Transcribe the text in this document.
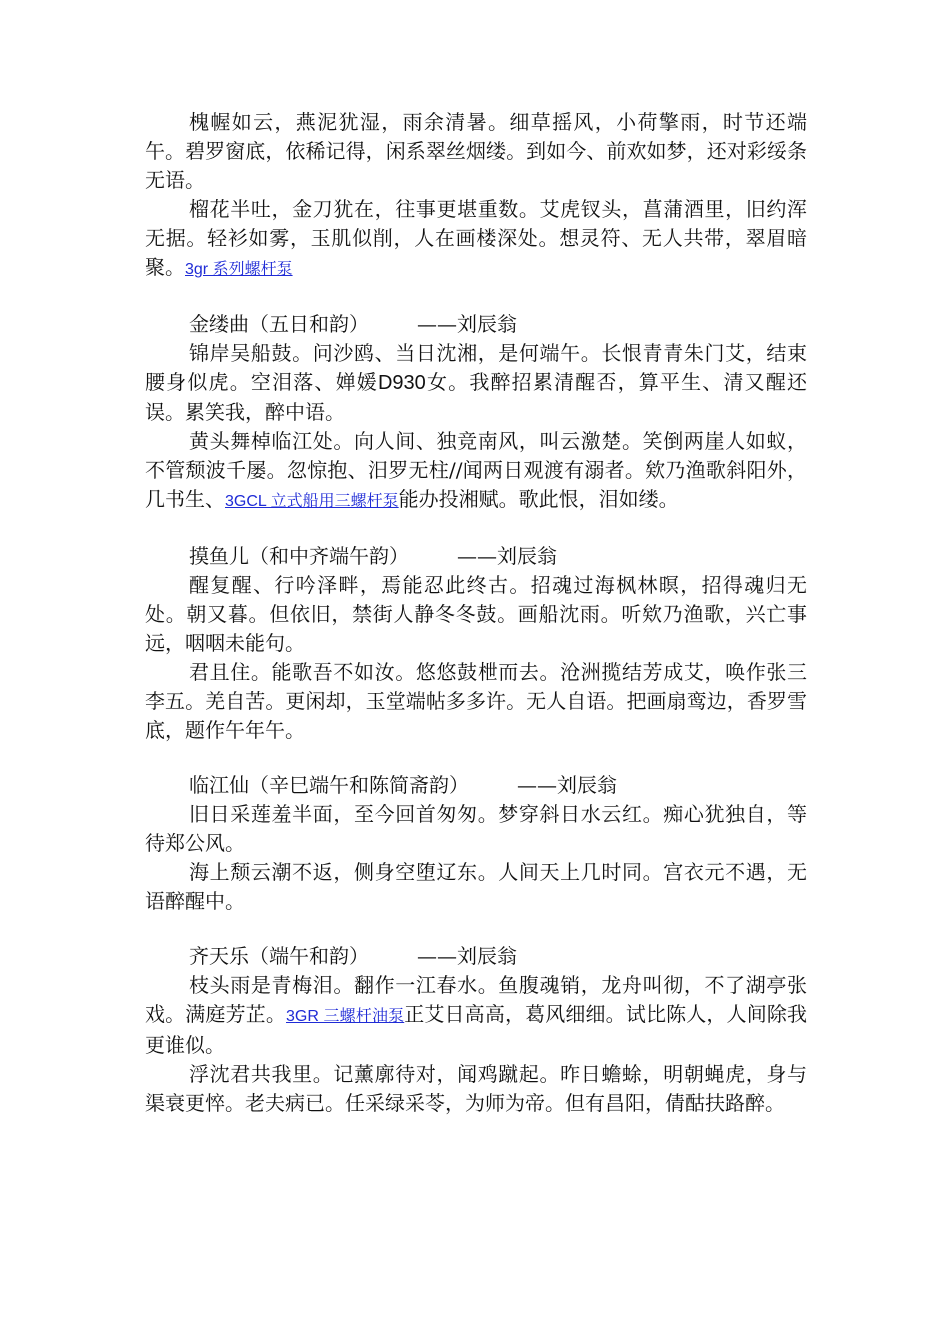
槐幄如云，燕泥犹湿，雨余清暑。细草摇风，小荷擎雨，时节还端午。碧罗窗底，依稀记得，闲系翠丝烟缕。到如今、前欢如梦，还对彩绥条无语。

榴花半吐，金刀犹在，往事更堪重数。艾虎钗头，菖蒲酒里，旧约浑无据。轻衫如雾，玉肌似削，人在画楼深处。想灵符、无人共带，翠眉暗聚。3gr 系列螺杆泵

金缕曲（五日和韵） ——刘辰翁

锦岸吴船鼓。问沙鸥、当日沈湘，是何端午。长恨青青朱门艾，结束腰身似虎。空泪落、婵媛D930女。我醉招累清醒否，算平生、清又醒还误。累笑我，醉中语。

黄头舞棹临江处。向人间、独竞南风，叫云激楚。笑倒两崖人如蚁，不管颓波千屡。忽惊抱、汨罗无柱//闻两日观渡有溺者。欸乃渔歌斜阳外，几书生、3GCL 立式船用三螺杆泵能办投湘赋。歌此恨，泪如缕。

摸鱼儿（和中齐端午韵） ——刘辰翁

醒复醒、行吟泽畔，焉能忍此终古。招魂过海枫林暝，招得魂归无处。朝又暮。但依旧，禁街人静冬冬鼓。画船沈雨。听欸乃渔歌，兴亡事远，咽咽未能句。

君且住。能歌吾不如汝。悠悠鼓枻而去。沧洲揽结芳成艾，唤作张三李五。羌自苦。更闲却，玉堂端帖多多许。无人自语。把画扇鸾边，香罗雪底，题作午年午。

临江仙（辛巳端午和陈简斋韵） ——刘辰翁

旧日采莲羞半面，至今回首匆匆。梦穿斜日水云红。痴心犹独自，等待郑公风。

海上颓云潮不返，侧身空堕辽东。人间天上几时同。宫衣元不遇，无语醉醒中。

齐天乐（端午和韵） ——刘辰翁

枝头雨是青梅泪。翻作一江春水。鱼腹魂销，龙舟叫彻，不了湖亭张戏。满庭芳芷。3GR 三螺杆油泵正艾日高高，葛风细细。试比陈人，人间除我更谁似。

浮沈君共我里。记薰廓待对，闻鸡蹴起。昨日蟾蜍，明朝蝇虎，身与渠衰更悴。老夫病已。任采绿采苓，为师为帝。但有昌阳，倩酤扶路醉。
